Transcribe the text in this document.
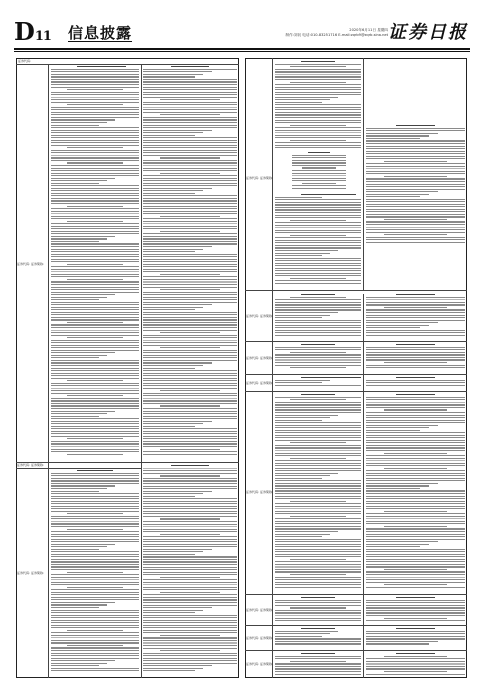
D11 信息披露	2020年6月11日 星期四
制作:刘钊 电话:010-83251716 E-mail:zqrb9@zqrb.sina.net 证券日报
证券代码:
证券代码: 证券简称:
证券代码: 证券简称:
证券代码: 证券简称:
证券代码: 证券简称:
证券代码: 证券简称:
证券代码: 证券简称:
证券代码: 证券简称:
证券代码: 证券简称:
证券代码: 证券简称:
证券代码: 证券简称:
证券代码: 证券简称:
